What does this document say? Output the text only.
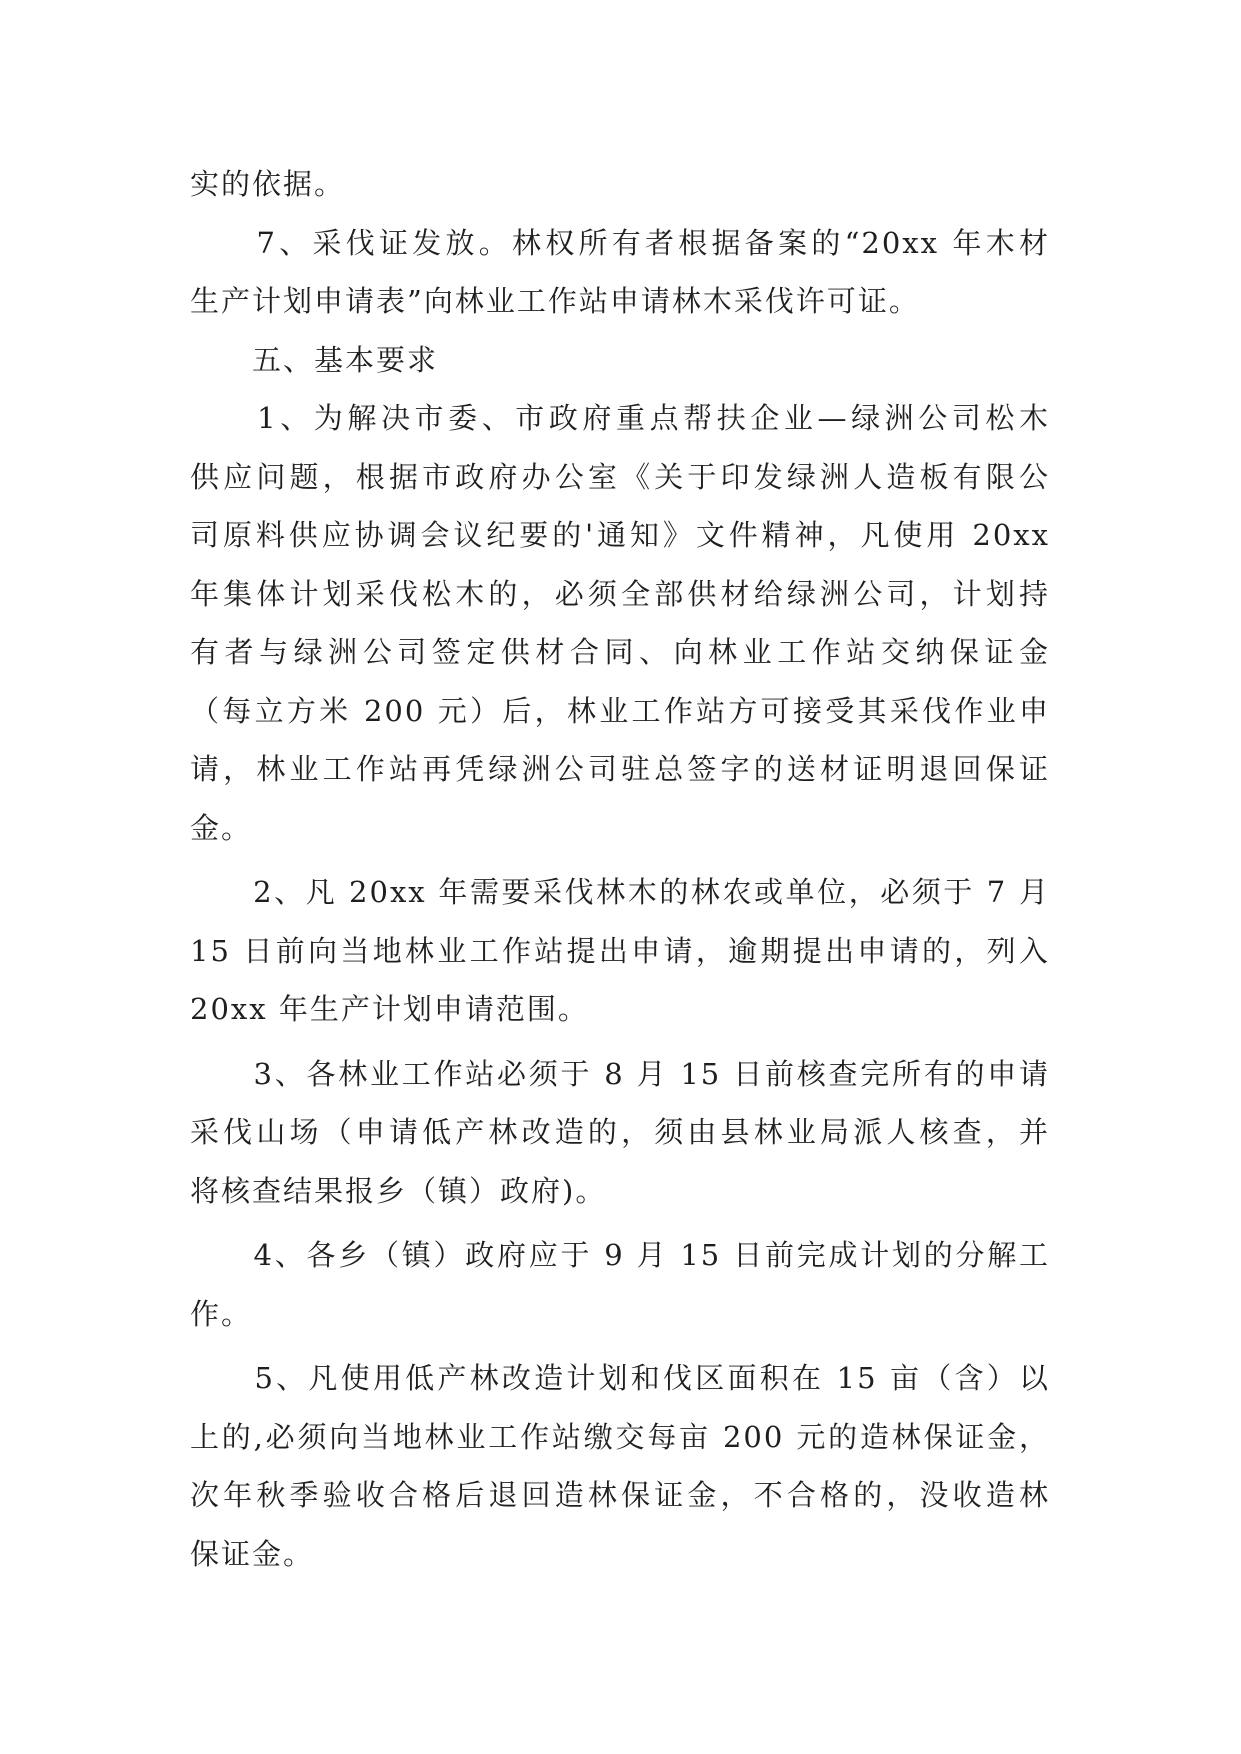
实的依据。
　　7、采伐证发放。林权所有者根据备案的“20xx 年木材
生产计划申请表”向林业工作站申请林木采伐许可证。
　　五、基本要求
　　1、为解决市委、市政府重点帮扶企业—绿洲公司松木
供应问题，根据市政府办公室《关于印发绿洲人造板有限公
司原料供应协调会议纪要的'通知》文件精神，凡使用 20xx
年集体计划采伐松木的，必须全部供材给绿洲公司，计划持
有者与绿洲公司签定供材合同、向林业工作站交纳保证金
（每立方米 200 元）后，林业工作站方可接受其采伐作业申
请，林业工作站再凭绿洲公司驻总签字的送材证明退回保证
金。
　　2、凡 20xx 年需要采伐林木的林农或单位，必须于 7 月
15 日前向当地林业工作站提出申请，逾期提出申请的，列入
20xx 年生产计划申请范围。
　　3、各林业工作站必须于 8 月 15 日前核查完所有的申请
采伐山场（申请低产林改造的，须由县林业局派人核查，并
将核查结果报乡（镇）政府)。
　　4、各乡（镇）政府应于 9 月 15 日前完成计划的分解工
作。
　　5、凡使用低产林改造计划和伐区面积在 15 亩（含）以
上的,必须向当地林业工作站缴交每亩 200 元的造林保证金，
次年秋季验收合格后退回造林保证金，不合格的，没收造林
保证金。
